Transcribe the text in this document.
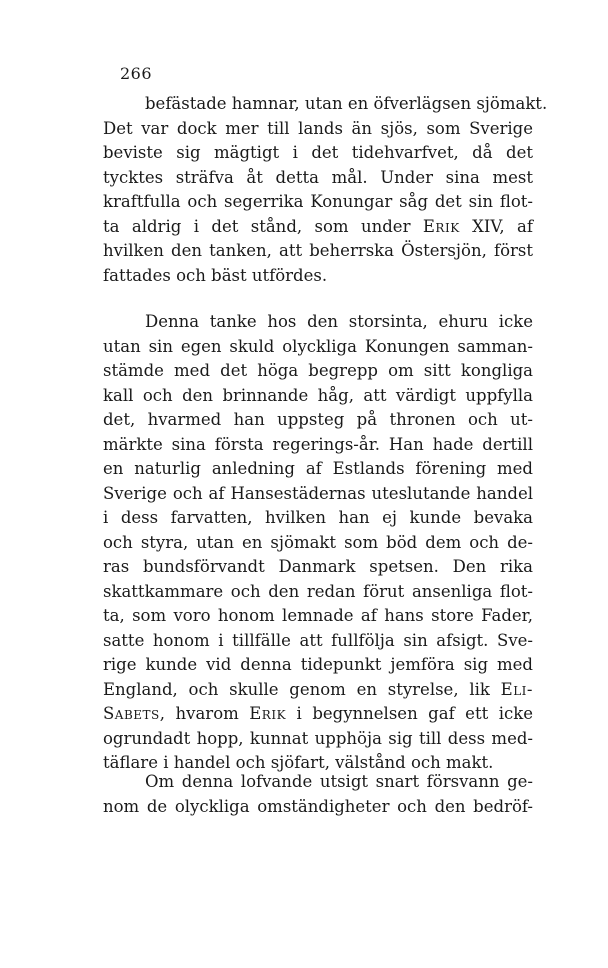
266
befästade hamnar, utan en öfverlägsen sjömakt.
Det var dock mer till lands än sjös, som Sverige
beviste sig mägtigt i det tidehvarfvet, då det
tycktes sträfva åt detta mål. Under sina mest
kraftfulla och segerrika Konungar såg det sin flot-
ta aldrig i det stånd, som under Erik XIV, af
hvilken den tanken, att beherrska Östersjön, först
fattades och bäst utfördes.
Denna tanke hos den storsinta, ehuru icke
utan sin egen skuld olyckliga Konungen samman-
stämde med det höga begrepp om sitt kongliga
kall och den brinnande håg, att värdigt uppfylla
det, hvarmed han uppsteg på thronen och ut-
märkte sina första regerings-år. Han hade dertill
en naturlig anledning af Estlands förening med
Sverige och af Hansestädernas uteslutande handel
i dess farvatten, hvilken han ej kunde bevaka
och styra, utan en sjömakt som böd dem och de-
ras bundsförvandt Danmark spetsen. Den rika
skattkammare och den redan förut ansenliga flot-
ta, som voro honom lemnade af hans store Fader,
satte honom i tillfälle att fullfölja sin afsigt. Sve-
rige kunde vid denna tidepunkt jemföra sig med
England, och skulle genom en styrelse, lik Eli-
Sabets, hvarom Erik i begynnelsen gaf ett icke
ogrundadt hopp, kunnat upphöja sig till dess med-
täflare i handel och sjöfart, välstånd och makt.
Om denna lofvande utsigt snart försvann ge-
nom de olyckliga omständigheter och den bedröf-
